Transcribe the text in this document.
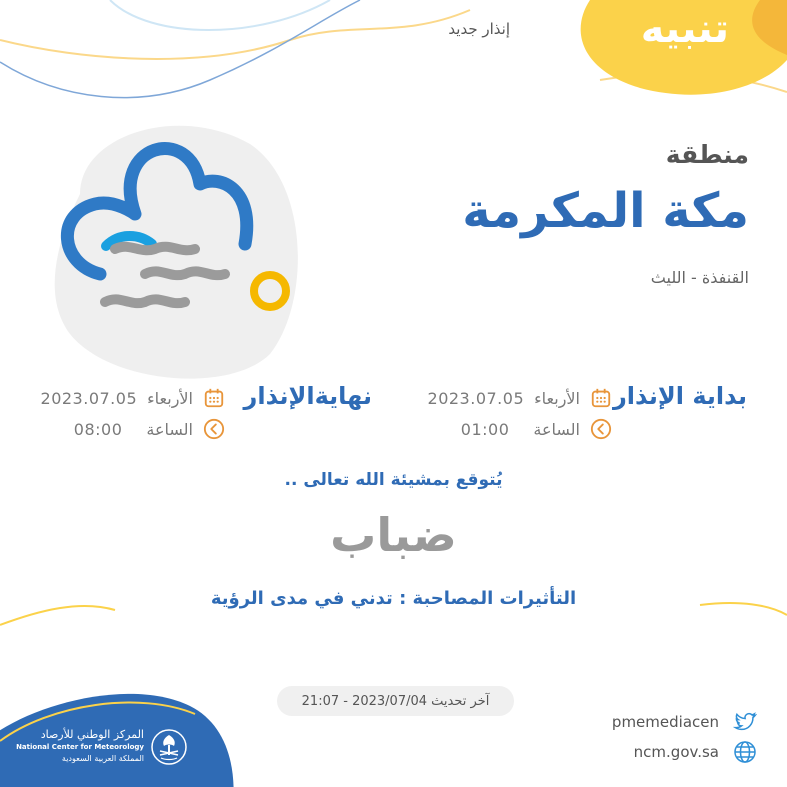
تنبيه
إنذار جديد
منطقة
مكة المكرمة
القنفذة - الليث
بداية الإنذار
الأربعاء
2023.07.05
الساعة
01:00
نهايةالإنذار
الأربعاء
2023.07.05
الساعة
08:00
يُتوقع بمشيئة الله تعالى ..
ضباب
التأثيرات المصاحبة : تدني في مدى الرؤية
آخر تحديث 2023/07/04 - 21:07
pmemediacen
ncm.gov.sa
المركز الوطني للأرصاد
National Center for Meteorology
المملكة العربية السعودية
